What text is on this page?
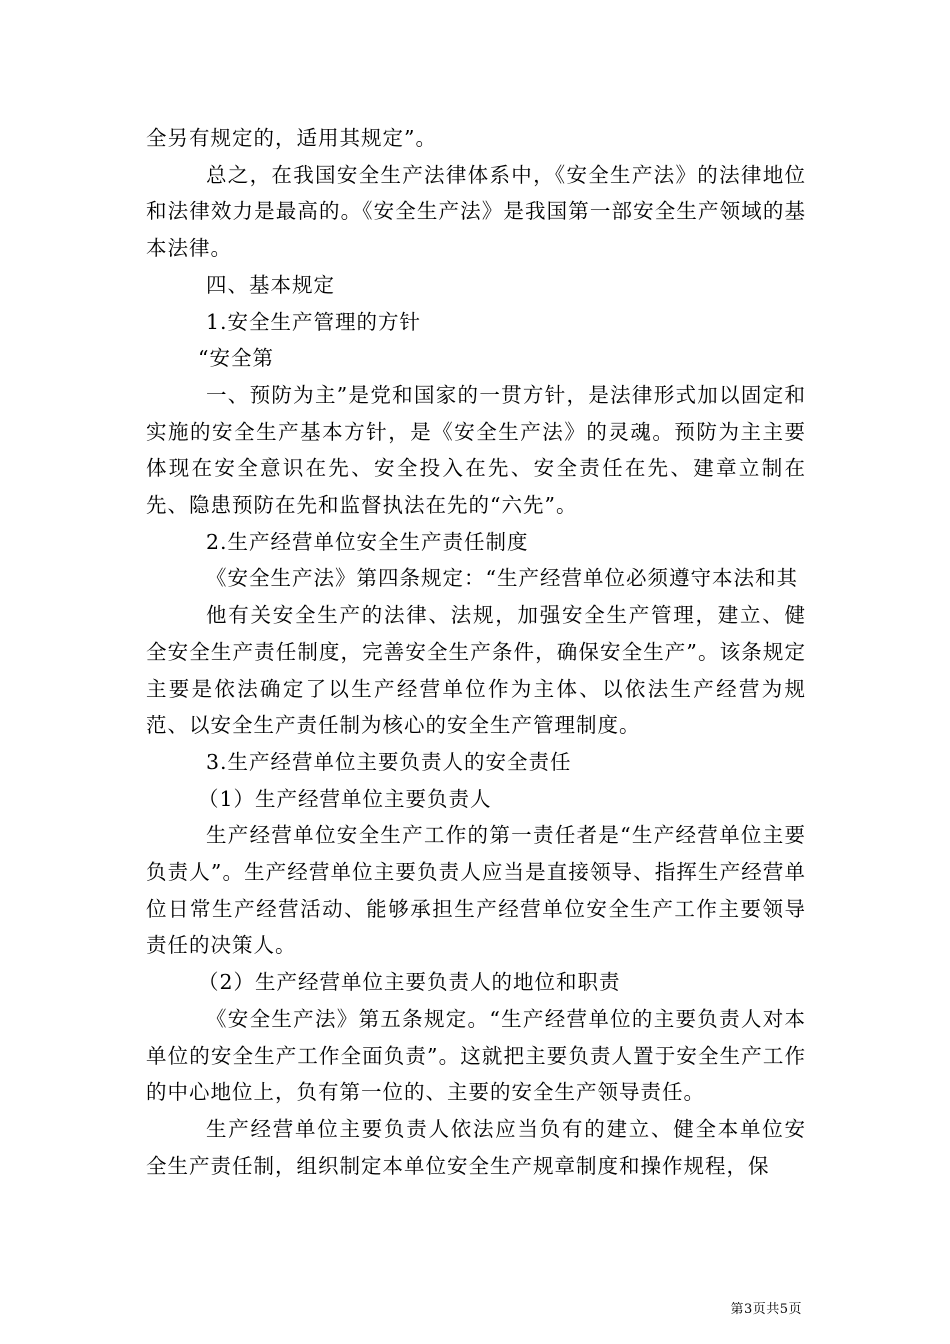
全另有规定的，适用其规定”。

总之，在我国安全生产法律体系中，《安全生产法》的法律地位和法律效力是最高的。《安全生产法》是我国第一部安全生产领域的基本法律。

四、基本规定

1.安全生产管理的方针

“安全第

一、预防为主”是党和国家的一贯方针，是法律形式加以固定和实施的安全生产基本方针，是《安全生产法》的灵魂。预防为主主要体现在安全意识在先、安全投入在先、安全责任在先、建章立制在先、隐患预防在先和监督执法在先的“六先”。

2.生产经营单位安全生产责任制度

《安全生产法》第四条规定：“生产经营单位必须遵守本法和其

他有关安全生产的法律、法规，加强安全生产管理，建立、健全安全生产责任制度，完善安全生产条件，确保安全生产”。该条规定主要是依法确定了以生产经营单位作为主体、以依法生产经营为规范、以安全生产责任制为核心的安全生产管理制度。

3.生产经营单位主要负责人的安全责任

（1）生产经营单位主要负责人

生产经营单位安全生产工作的第一责任者是“生产经营单位主要负责人”。生产经营单位主要负责人应当是直接领导、指挥生产经营单位日常生产经营活动、能够承担生产经营单位安全生产工作主要领导责任的决策人。

（2）生产经营单位主要负责人的地位和职责

《安全生产法》第五条规定。“生产经营单位的主要负责人对本单位的安全生产工作全面负责”。这就把主要负责人置于安全生产工作的中心地位上，负有第一位的、主要的安全生产领导责任。

生产经营单位主要负责人依法应当负有的建立、健全本单位安全生产责任制，组织制定本单位安全生产规章制度和操作规程，保

第3页共5页
